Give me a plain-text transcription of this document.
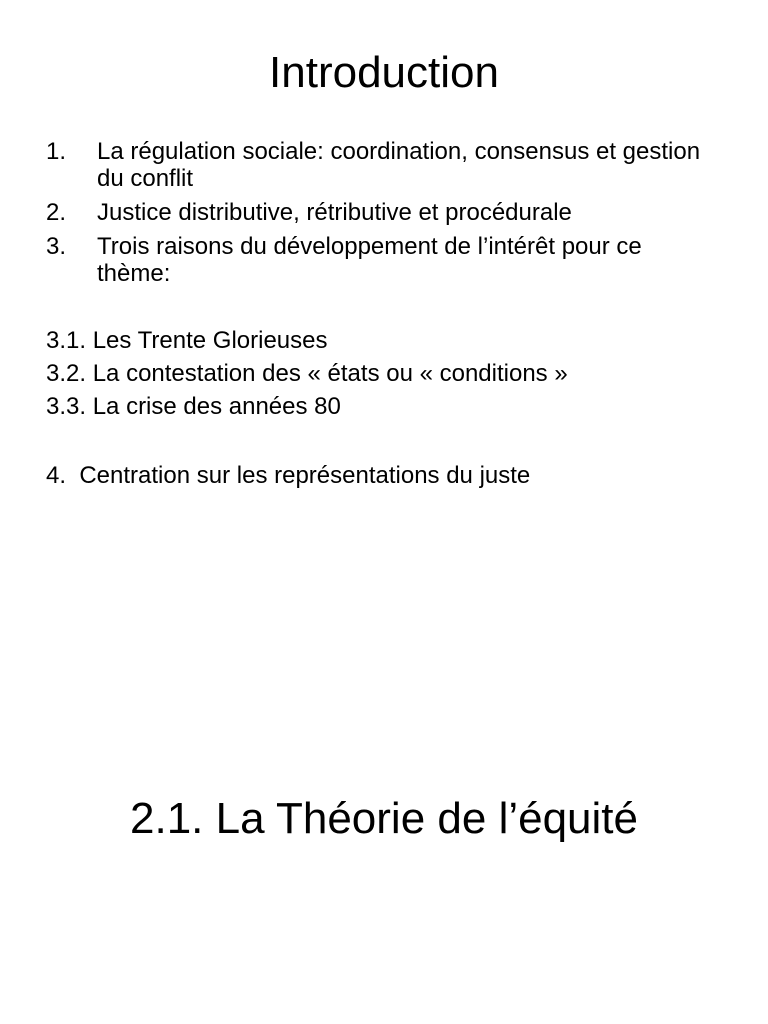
Introduction
1.	La régulation sociale: coordination, consensus et gestion du conflit
2.	Justice distributive, rétributive et procédurale
3.	Trois raisons du développement de l’intérêt pour ce thème:
3.1. Les Trente Glorieuses
3.2. La contestation des « états ou « conditions »
3.3. La crise des années 80
4.  Centration sur les représentations du juste
2.1. La Théorie de l’équité
